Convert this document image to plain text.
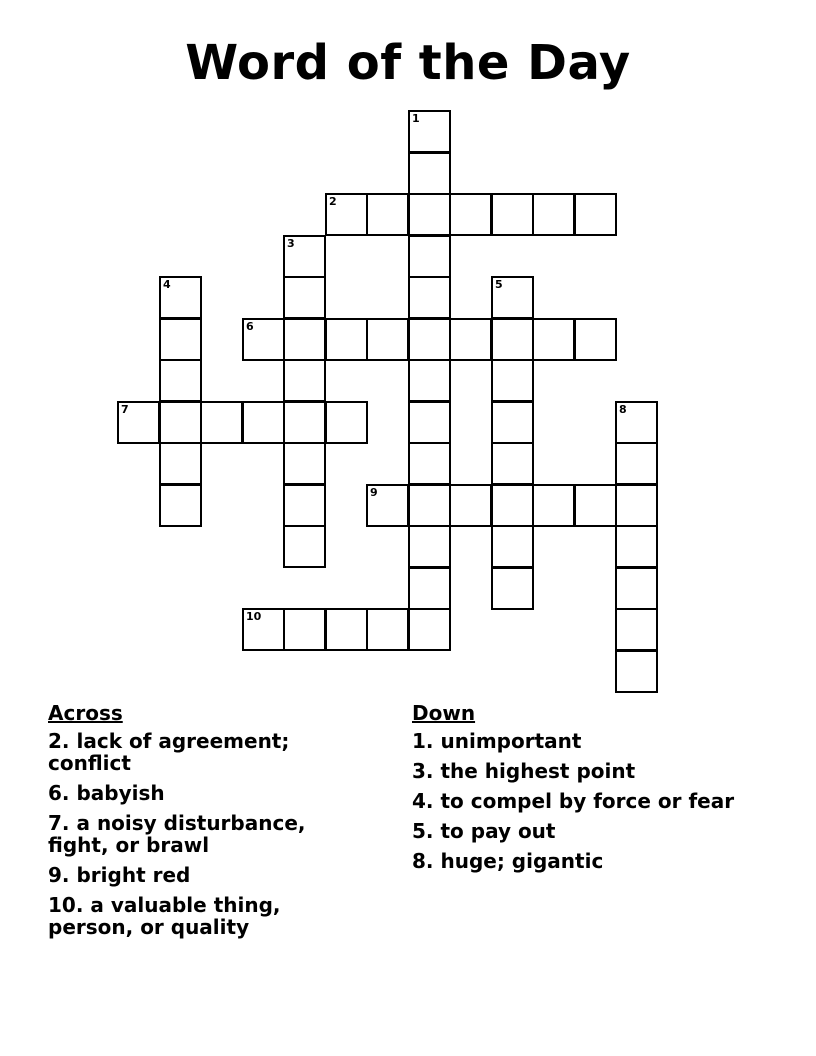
Word of the Day
1
2
3
4	5
6
7	8
9
10
Across
2. lack of agreement; conflict
6. babyish
7. a noisy disturbance, fight, or brawl
9. bright red
10. a valuable thing, person, or quality
Down
1. unimportant
3. the highest point
4. to compel by force or fear
5. to pay out
8. huge; gigantic
